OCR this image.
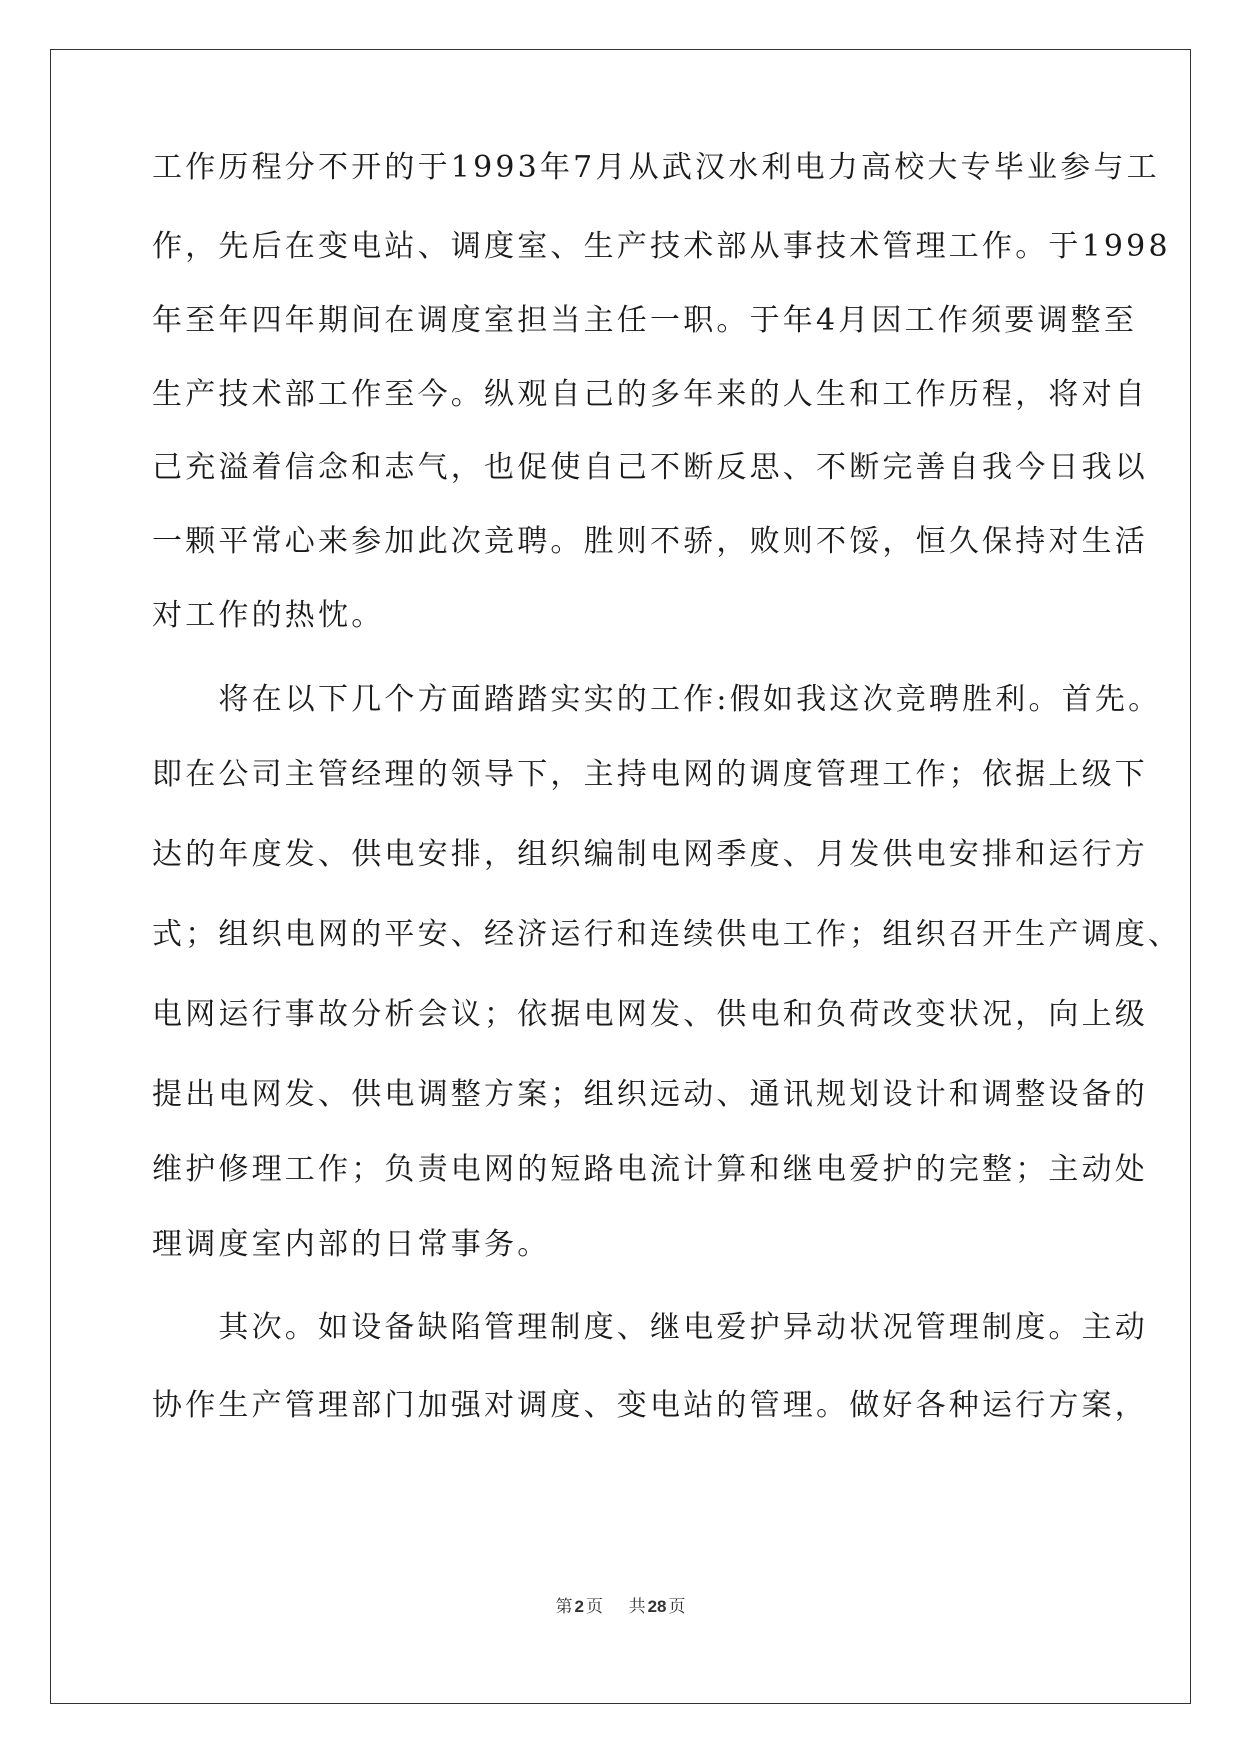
工作历程分不开的于1993年7月从武汉水利电力高校大专毕业参与工
作，先后在变电站、调度室、生产技术部从事技术管理工作。于1998
年至年四年期间在调度室担当主任一职。于年4月因工作须要调整至
生产技术部工作至今。纵观自己的多年来的人生和工作历程，将对自
己充溢着信念和志气，也促使自己不断反思、不断完善自我今日我以
一颗平常心来参加此次竞聘。胜则不骄，败则不馁，恒久保持对生活
对工作的热忱。
　　将在以下几个方面踏踏实实的工作:假如我这次竞聘胜利。首先。
即在公司主管经理的领导下，主持电网的调度管理工作；依据上级下
达的年度发、供电安排，组织编制电网季度、月发供电安排和运行方
式；组织电网的平安、经济运行和连续供电工作；组织召开生产调度、
电网运行事故分析会议；依据电网发、供电和负荷改变状况，向上级
提出电网发、供电调整方案；组织远动、通讯规划设计和调整设备的
维护修理工作；负责电网的短路电流计算和继电爱护的完整；主动处
理调度室内部的日常事务。
　　其次。如设备缺陷管理制度、继电爱护异动状况管理制度。主动
协作生产管理部门加强对调度、变电站的管理。做好各种运行方案，
第 2 页 共 28 页
